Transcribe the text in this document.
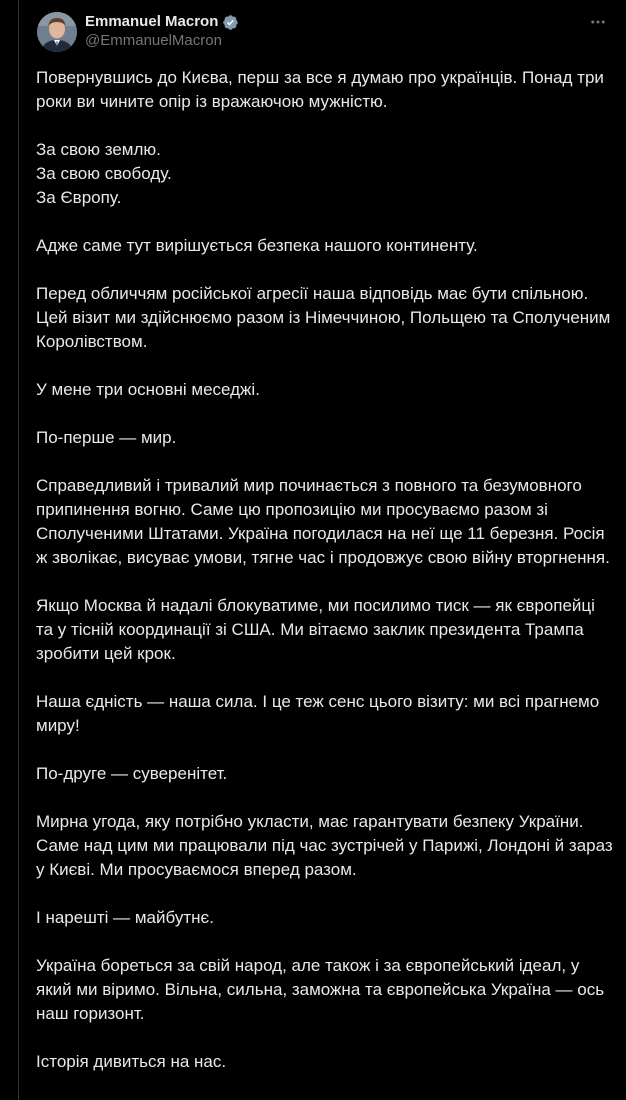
Emmanuel Macron
@EmmanuelMacron

Повернувшись до Києва, перш за все я думаю про українців. Понад три роки ви чините опір із вражаючою мужністю.

За свою землю.
За свою свободу.
За Європу.

Адже саме тут вирішується безпека нашого континенту.

Перед обличчям російської агресії наша відповідь має бути спільною. Цей візит ми здійснюємо разом із Німеччиною, Польщею та Сполученим Королівством.

У мене три основні меседжі.

По-перше — мир.

Справедливий і тривалий мир починається з повного та безумовного припинення вогню. Саме цю пропозицію ми просуваємо разом зі Сполученими Штатами. Україна погодилася на неї ще 11 березня. Росія ж зволікає, висуває умови, тягне час і продовжує свою війну вторгнення.

Якщо Москва й надалі блокуватиме, ми посилимо тиск — як європейці та у тісній координації зі США. Ми вітаємо заклик президента Трампа зробити цей крок.

Наша єдність — наша сила. І це теж сенс цього візиту: ми всі прагнемо миру!

По-друге — суверенітет.

Мирна угода, яку потрібно укласти, має гарантувати безпеку України. Саме над цим ми працювали під час зустрічей у Парижі, Лондоні й зараз у Києві. Ми просуваємося вперед разом.

І нарешті — майбутнє.

Україна бореться за свій народ, але також і за європейський ідеал, у який ми віримо. Вільна, сильна, заможна та європейська Україна — ось наш горизонт.

Історія дивиться на нас.
